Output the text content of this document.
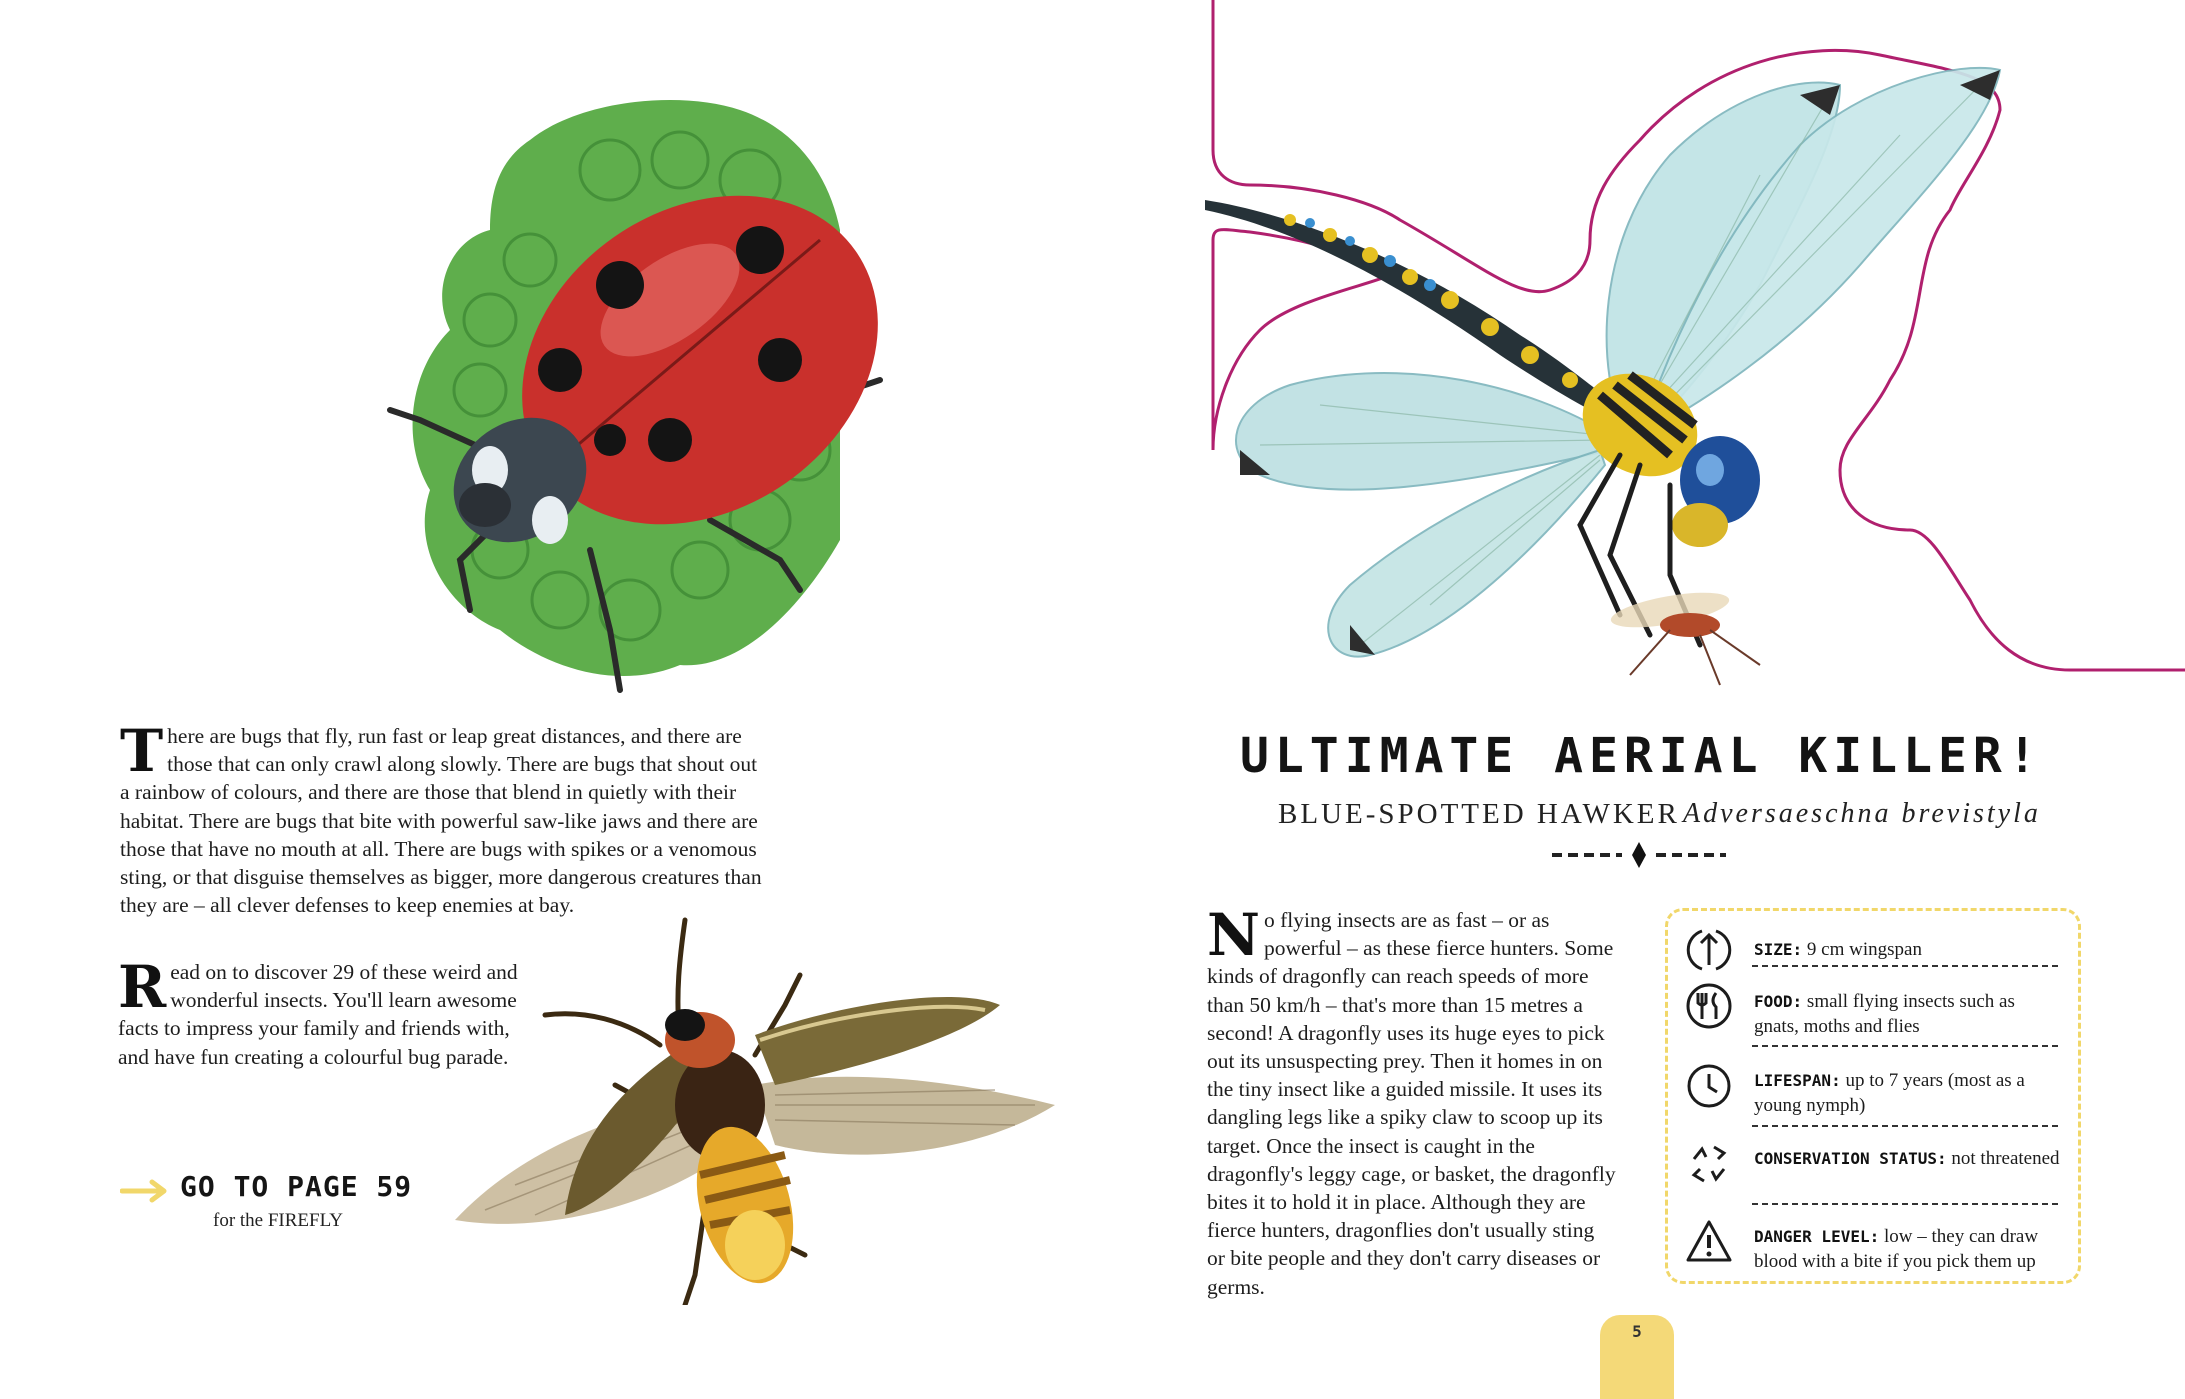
There are bugs that fly, run fast or leap great distances, and there are those that can only crawl along slowly. There are bugs that shout out a rainbow of colours, and there are those that blend in quietly with their habitat. There are bugs that bite with powerful saw-like jaws and there are those that have no mouth at all. There are bugs with spikes or a venomous sting, or that disguise themselves as bigger, more dangerous creatures than they are – all clever defenses to keep enemies at bay.

Read on to discover 29 of these weird and wonderful insects. You'll learn awesome facts to impress your family and friends with, and have fun creating a colourful bug parade.

GO TO PAGE 59
for the FIREFLY
ULTIMATE AERIAL KILLER!
BLUE-SPOTTED HAWKER Adversaeschna brevistyla

No flying insects are as fast – or as powerful – as these fierce hunters. Some kinds of dragonfly can reach speeds of more than 50 km/h – that's more than 15 metres a second! A dragonfly uses its huge eyes to pick out its unsuspecting prey. Then it homes in on the tiny insect like a guided missile. It uses its dangling legs like a spiky claw to scoop up its target. Once the insect is caught in the dragonfly's leggy cage, or basket, the dragonfly bites it to hold it in place. Although they are fierce hunters, dragonflies don't usually sting or bite people and they don't carry diseases or germs.

SIZE: 9 cm wingspan
FOOD: small flying insects such as gnats, moths and flies
LIFESPAN: up to 7 years (most as a young nymph)
CONSERVATION STATUS: not threatened
DANGER LEVEL: low – they can draw blood with a bite if you pick them up
5
